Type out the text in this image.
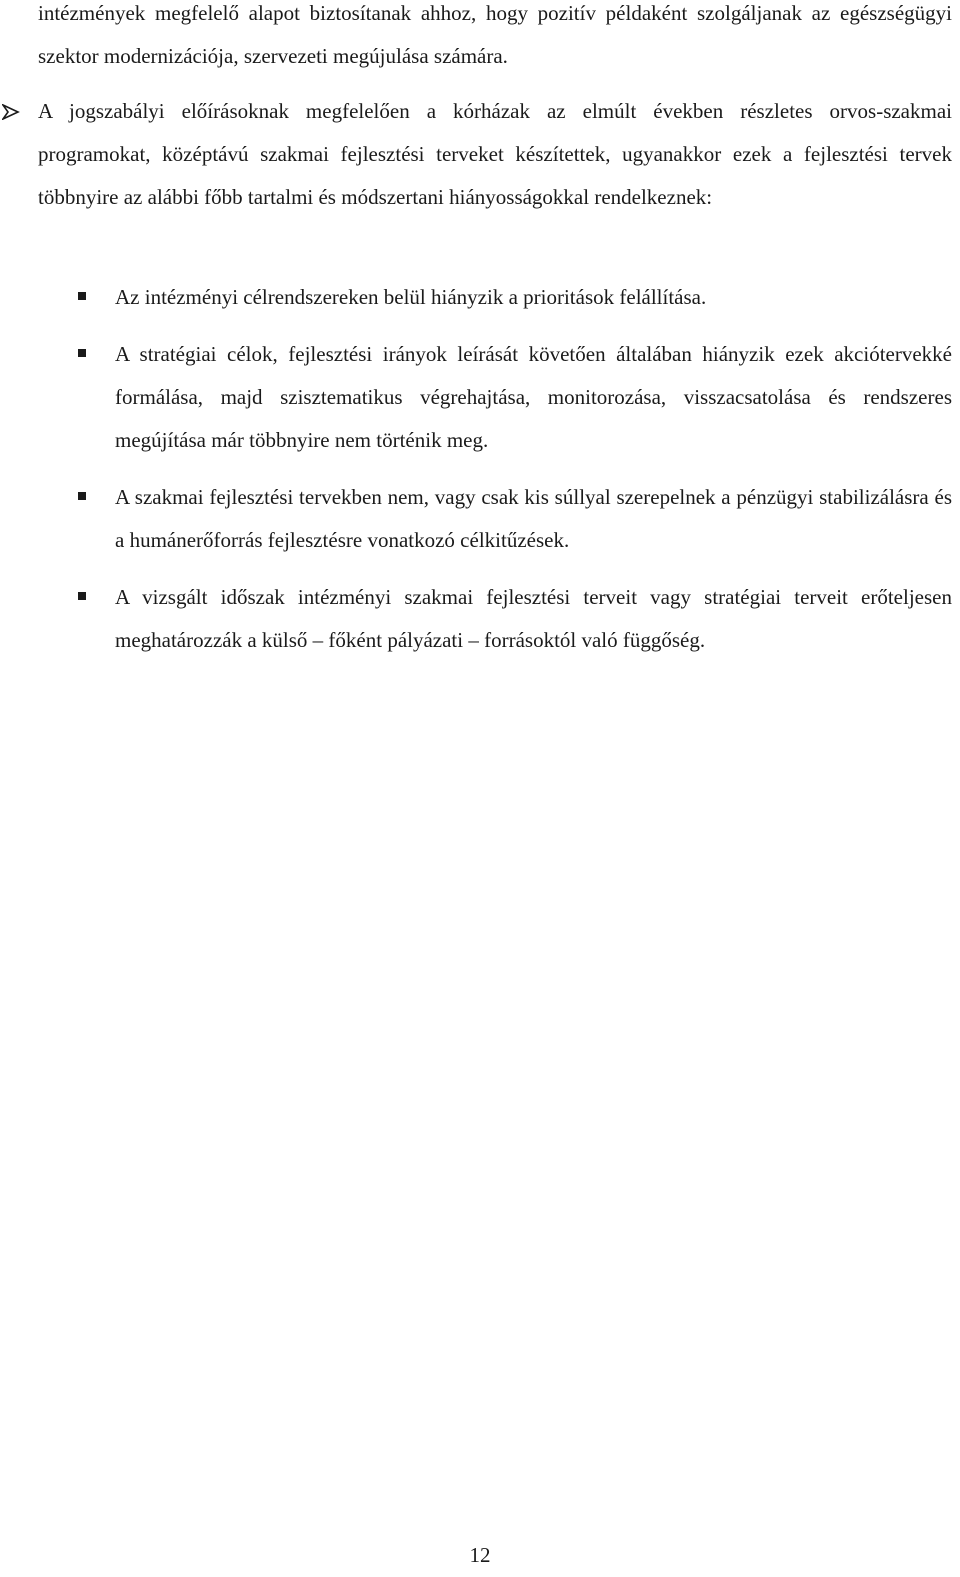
intézmények megfelelő alapot biztosítanak ahhoz, hogy pozitív példaként szolgáljanak az egészségügyi szektor modernizációja, szervezeti megújulása számára.

A jogszabályi előírásoknak megfelelően a kórházak az elmúlt években részletes orvos-szakmai programokat, középtávú szakmai fejlesztési terveket készítettek, ugyanakkor ezek a fejlesztési tervek többnyire az alábbi főbb tartalmi és módszertani hiányosságokkal rendelkeznek:

Az intézményi célrendszereken belül hiányzik a prioritások felállítása.

A stratégiai célok, fejlesztési irányok leírását követően általában hiányzik ezek akciótervekké formálása, majd szisztematikus végrehajtása, monitorozása, visszacsatolása és rendszeres megújítása már többnyire nem történik meg.

A szakmai fejlesztési tervekben nem, vagy csak kis súllyal szerepelnek a pénzügyi stabilizálásra és a humánerőforrás fejlesztésre vonatkozó célkitűzések.

A vizsgált időszak intézményi szakmai fejlesztési terveit vagy stratégiai terveit erőteljesen meghatározzák a külső – főként pályázati – forrásoktól való függőség.

12
